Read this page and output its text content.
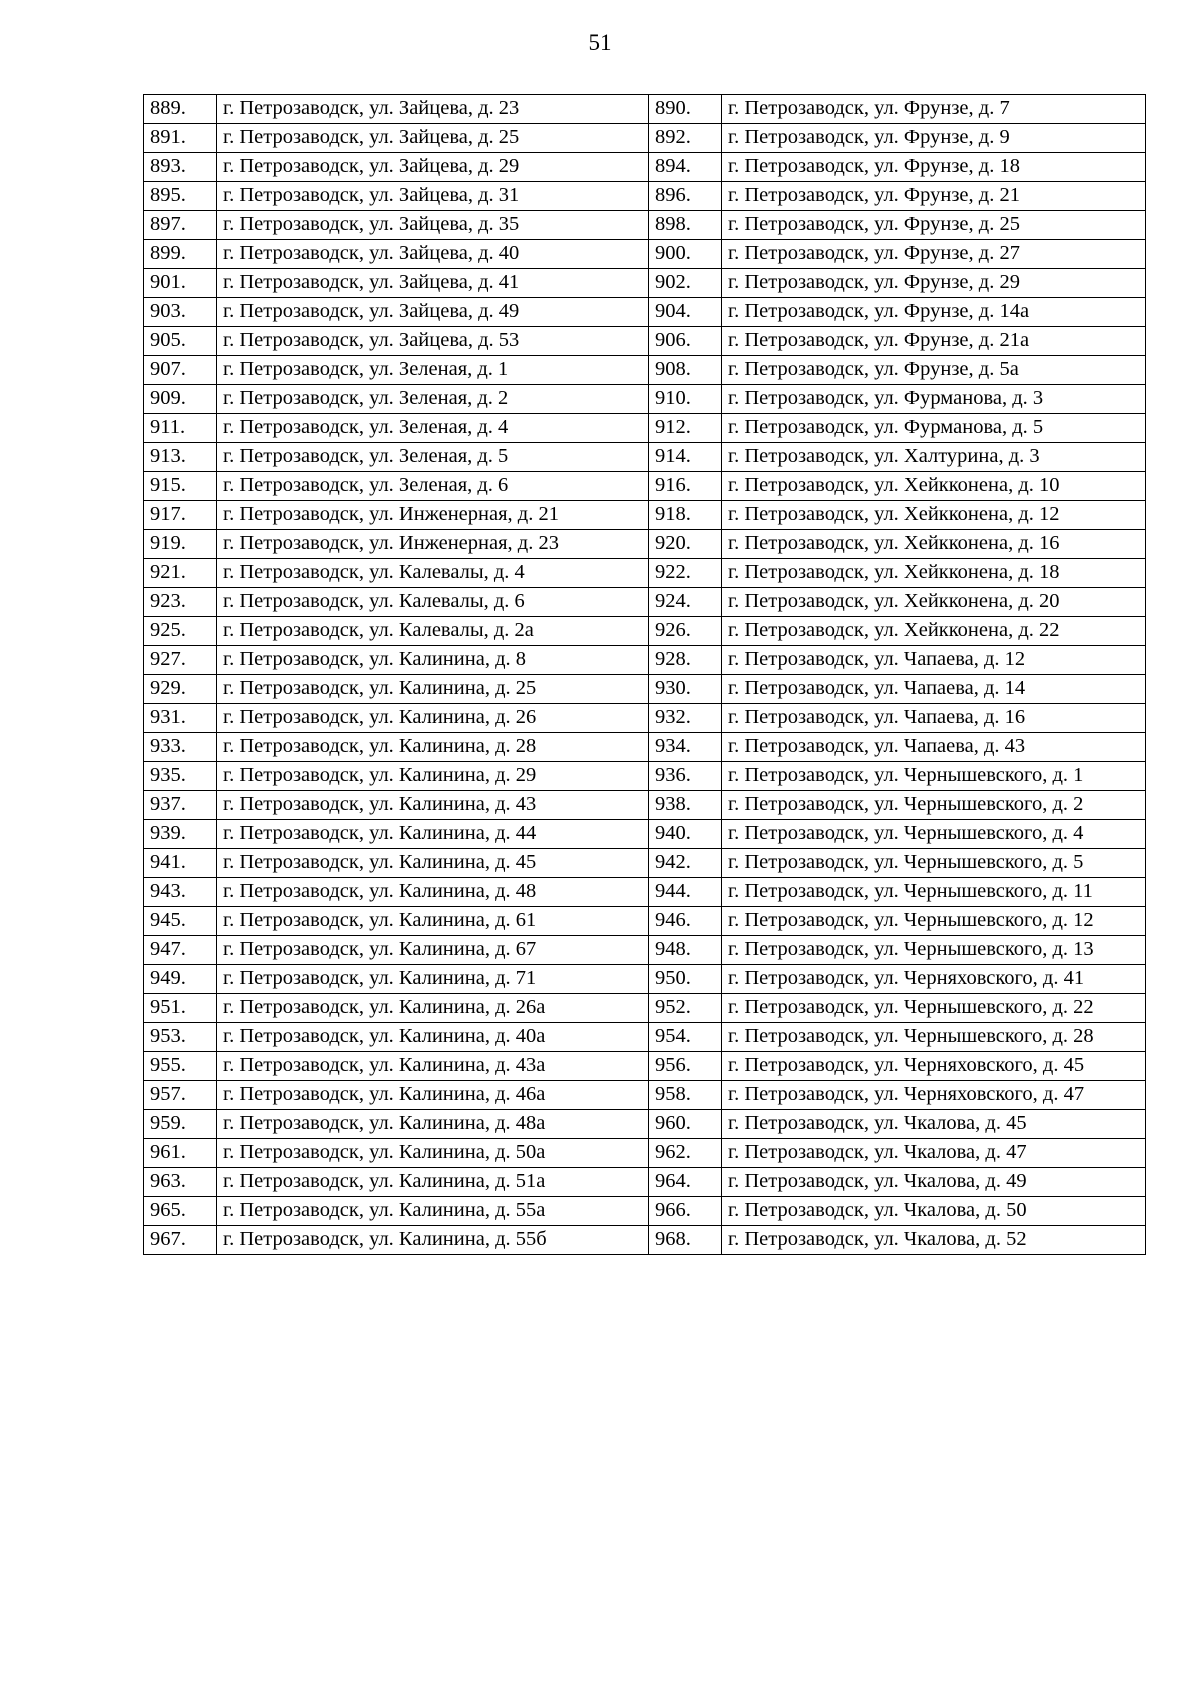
51
889.	г. Петрозаводск, ул. Зайцева, д. 23	890.	г. Петрозаводск, ул. Фрунзе, д. 7
891.	г. Петрозаводск, ул. Зайцева, д. 25	892.	г. Петрозаводск, ул. Фрунзе, д. 9
893.	г. Петрозаводск, ул. Зайцева, д. 29	894.	г. Петрозаводск, ул. Фрунзе, д. 18
895.	г. Петрозаводск, ул. Зайцева, д. 31	896.	г. Петрозаводск, ул. Фрунзе, д. 21
897.	г. Петрозаводск, ул. Зайцева, д. 35	898.	г. Петрозаводск, ул. Фрунзе, д. 25
899.	г. Петрозаводск, ул. Зайцева, д. 40	900.	г. Петрозаводск, ул. Фрунзе, д. 27
901.	г. Петрозаводск, ул. Зайцева, д. 41	902.	г. Петрозаводск, ул. Фрунзе, д. 29
903.	г. Петрозаводск, ул. Зайцева, д. 49	904.	г. Петрозаводск, ул. Фрунзе, д. 14а
905.	г. Петрозаводск, ул. Зайцева, д. 53	906.	г. Петрозаводск, ул. Фрунзе, д. 21а
907.	г. Петрозаводск, ул. Зеленая, д. 1	908.	г. Петрозаводск, ул. Фрунзе, д. 5а
909.	г. Петрозаводск, ул. Зеленая, д. 2	910.	г. Петрозаводск, ул. Фурманова, д. 3
911.	г. Петрозаводск, ул. Зеленая, д. 4	912.	г. Петрозаводск, ул. Фурманова, д. 5
913.	г. Петрозаводск, ул. Зеленая, д. 5	914.	г. Петрозаводск, ул. Халтурина, д. 3
915.	г. Петрозаводск, ул. Зеленая, д. 6	916.	г. Петрозаводск, ул. Хейкконена, д. 10
917.	г. Петрозаводск, ул. Инженерная, д. 21	918.	г. Петрозаводск, ул. Хейкконена, д. 12
919.	г. Петрозаводск, ул. Инженерная, д. 23	920.	г. Петрозаводск, ул. Хейкконена, д. 16
921.	г. Петрозаводск, ул. Калевалы, д. 4	922.	г. Петрозаводск, ул. Хейкконена, д. 18
923.	г. Петрозаводск, ул. Калевалы, д. 6	924.	г. Петрозаводск, ул. Хейкконена, д. 20
925.	г. Петрозаводск, ул. Калевалы, д. 2а	926.	г. Петрозаводск, ул. Хейкконена, д. 22
927.	г. Петрозаводск, ул. Калинина, д. 8	928.	г. Петрозаводск, ул. Чапаева, д. 12
929.	г. Петрозаводск, ул. Калинина, д. 25	930.	г. Петрозаводск, ул. Чапаева, д. 14
931.	г. Петрозаводск, ул. Калинина, д. 26	932.	г. Петрозаводск, ул. Чапаева, д. 16
933.	г. Петрозаводск, ул. Калинина, д. 28	934.	г. Петрозаводск, ул. Чапаева, д. 43
935.	г. Петрозаводск, ул. Калинина, д. 29	936.	г. Петрозаводск, ул. Чернышевского, д. 1
937.	г. Петрозаводск, ул. Калинина, д. 43	938.	г. Петрозаводск, ул. Чернышевского, д. 2
939.	г. Петрозаводск, ул. Калинина, д. 44	940.	г. Петрозаводск, ул. Чернышевского, д. 4
941.	г. Петрозаводск, ул. Калинина, д. 45	942.	г. Петрозаводск, ул. Чернышевского, д. 5
943.	г. Петрозаводск, ул. Калинина, д. 48	944.	г. Петрозаводск, ул. Чернышевского, д. 11
945.	г. Петрозаводск, ул. Калинина, д. 61	946.	г. Петрозаводск, ул. Чернышевского, д. 12
947.	г. Петрозаводск, ул. Калинина, д. 67	948.	г. Петрозаводск, ул. Чернышевского, д. 13
949.	г. Петрозаводск, ул. Калинина, д. 71	950.	г. Петрозаводск, ул. Черняховского, д. 41
951.	г. Петрозаводск, ул. Калинина, д. 26а	952.	г. Петрозаводск, ул. Чернышевского, д. 22
953.	г. Петрозаводск, ул. Калинина, д. 40а	954.	г. Петрозаводск, ул. Чернышевского, д. 28
955.	г. Петрозаводск, ул. Калинина, д. 43а	956.	г. Петрозаводск, ул. Черняховского, д. 45
957.	г. Петрозаводск, ул. Калинина, д. 46а	958.	г. Петрозаводск, ул. Черняховского, д. 47
959.	г. Петрозаводск, ул. Калинина, д. 48а	960.	г. Петрозаводск, ул. Чкалова, д. 45
961.	г. Петрозаводск, ул. Калинина, д. 50а	962.	г. Петрозаводск, ул. Чкалова, д. 47
963.	г. Петрозаводск, ул. Калинина, д. 51а	964.	г. Петрозаводск, ул. Чкалова, д. 49
965.	г. Петрозаводск, ул. Калинина, д. 55а	966.	г. Петрозаводск, ул. Чкалова, д. 50
967.	г. Петрозаводск, ул. Калинина, д. 55б	968.	г. Петрозаводск, ул. Чкалова, д. 52
